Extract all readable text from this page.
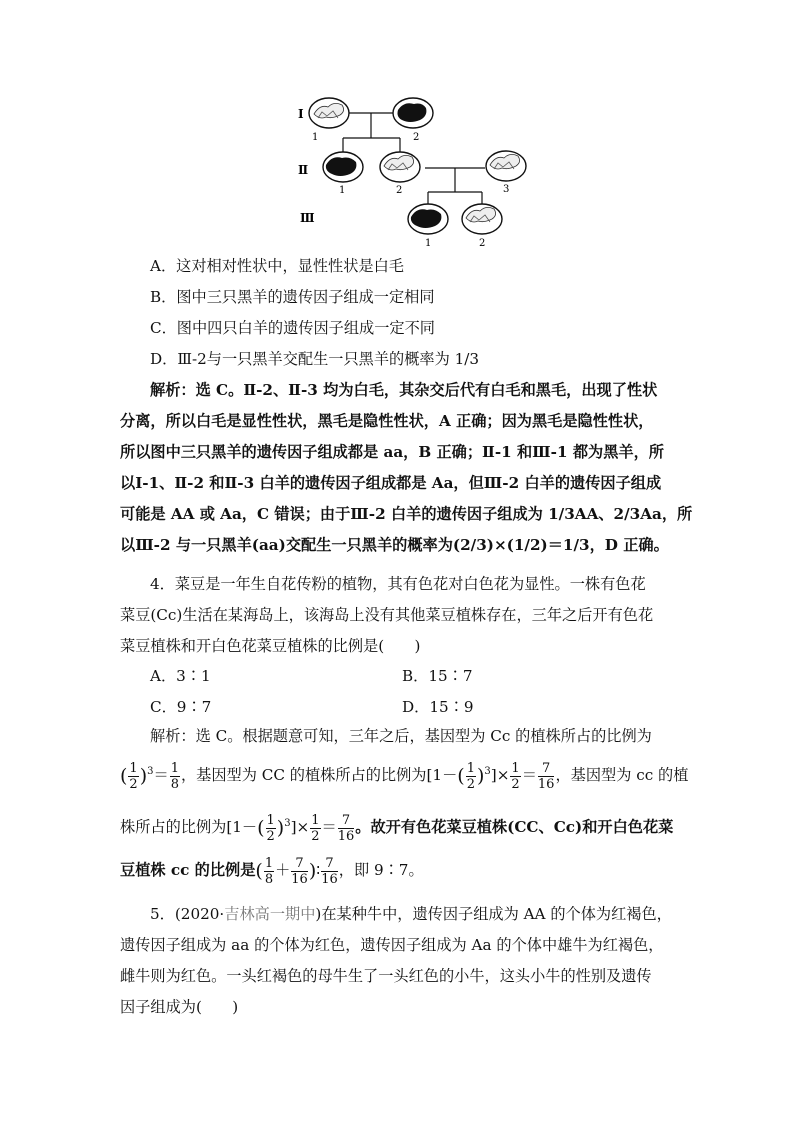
Ⅰ
Ⅱ
Ⅲ
1	2
1	2	3
1	2
A．这对相对性状中，显性性状是白毛
B．图中三只黑羊的遗传因子组成一定相同
C．图中四只白羊的遗传因子组成一定不同
D．Ⅲ-2与一只黑羊交配生一只黑羊的概率为 1/3
解析：选 C。Ⅱ-2、Ⅱ-3 均为白毛，其杂交后代有白毛和黑毛，出现了性状
分离，所以白毛是显性性状，黑毛是隐性性状，A 正确；因为黑毛是隐性性状，
所以图中三只黑羊的遗传因子组成都是 aa，B 正确；Ⅱ-1 和Ⅲ-1 都为黑羊，所
以Ⅰ-1、Ⅱ-2 和Ⅱ-3 白羊的遗传因子组成都是 Aa，但Ⅲ-2 白羊的遗传因子组成
可能是 AA 或 Aa，C 错误；由于Ⅲ-2 白羊的遗传因子组成为 1/3AA、2/3Aa，所
以Ⅲ-2 与一只黑羊(aa)交配生一只黑羊的概率为(2/3)×(1/2)＝1/3，D 正确。
4．菜豆是一年生自花传粉的植物，其有色花对白色花为显性。一株有色花
菜豆(Cc)生活在某海岛上，该海岛上没有其他菜豆植株存在，三年之后开有色花
菜豆植株和开白色花菜豆植株的比例是(　　)
A．3∶1	B．15∶7
C．9∶7	D．15∶9
解析：选 C。根据题意可知，三年之后，基因型为 Cc 的植株所占的比例为
( $\frac{1}{2} )^3= \frac{1}{8}$ ，基因型为 CC 的植株所占的比例为$[1-( \frac{1}{2} )^3]\times \frac{1}{2} = \frac{7}{16}$ ，基因型为 cc 的植
株所占的比例为$[1-( \frac{1}{2} )^3]\times \frac{1}{2} = \frac{7}{16}$ 。故开有色花菜豆植株(CC、Cc)和开白色花菜
豆植株 cc 的比例是( $\frac{1}{8} + \frac{7}{16}$ )∶ $\frac{7}{16}$ ，即 9∶7。
5．(2020·吉林高一期中)在某种牛中，遗传因子组成为 AA 的个体为红褐色，
遗传因子组成为 aa 的个体为红色，遗传因子组成为 Aa 的个体中雄牛为红褐色，
雌牛则为红色。一头红褐色的母牛生了一头红色的小牛，这头小牛的性别及遗传
因子组成为(　　)
